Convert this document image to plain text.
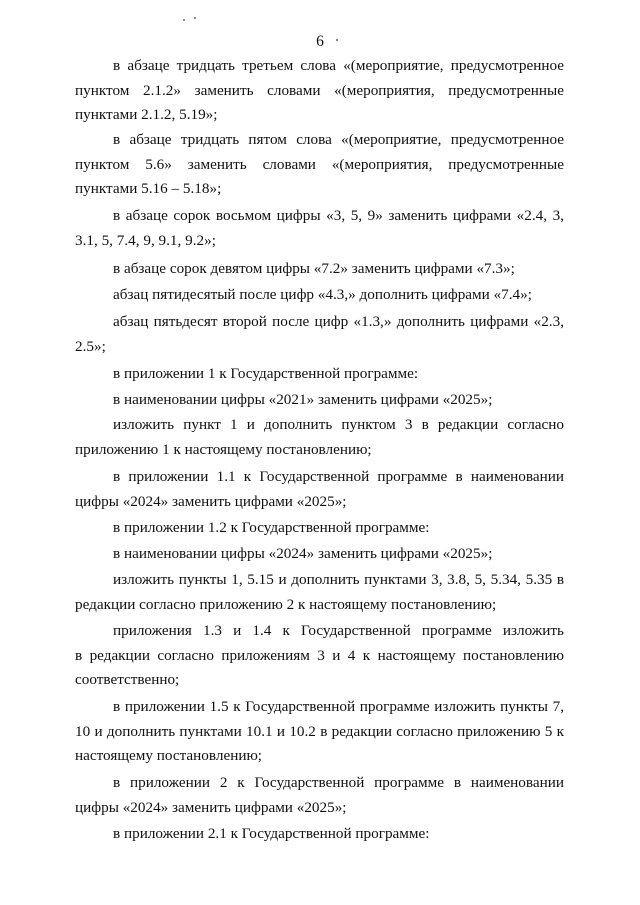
6
в абзаце тридцать третьем слова «(мероприятие, предусмотренное
пунктом 2.1.2» заменить словами «(мероприятия, предусмотренные
пунктами 2.1.2, 5.19»;
в абзаце тридцать пятом слова «(мероприятие, предусмотренное
пунктом 5.6» заменить словами «(мероприятия, предусмотренные
пунктами 5.16 – 5.18»;
в абзаце сорок восьмом цифры «3, 5, 9» заменить цифрами «2.4, 3,
3.1, 5, 7.4, 9, 9.1, 9.2»;
в абзаце сорок девятом цифры «7.2» заменить цифрами «7.3»;
абзац пятидесятый после цифр «4.3,» дополнить цифрами «7.4»;
абзац пятьдесят второй после цифр «1.3,» дополнить цифрами «2.3,
2.5»;
в приложении 1 к Государственной программе:
в наименовании цифры «2021» заменить цифрами «2025»;
изложить пункт 1 и дополнить пунктом 3 в редакции согласно
приложению 1 к настоящему постановлению;
в приложении 1.1 к Государственной программе в наименовании
цифры «2024» заменить цифрами «2025»;
в приложении 1.2 к Государственной программе:
в наименовании цифры «2024» заменить цифрами «2025»;
изложить пункты 1, 5.15 и дополнить пунктами 3, 3.8, 5, 5.34, 5.35 в
редакции согласно приложению 2 к настоящему постановлению;
приложения 1.3 и 1.4 к Государственной программе изложить
в редакции согласно приложениям 3 и 4 к настоящему постановлению
соответственно;
в приложении 1.5 к Государственной программе изложить пункты 7,
10 и дополнить пунктами 10.1 и 10.2 в редакции согласно приложению 5 к
настоящему постановлению;
в приложении 2 к Государственной программе в наименовании
цифры «2024» заменить цифрами «2025»;
в приложении 2.1 к Государственной программе:
